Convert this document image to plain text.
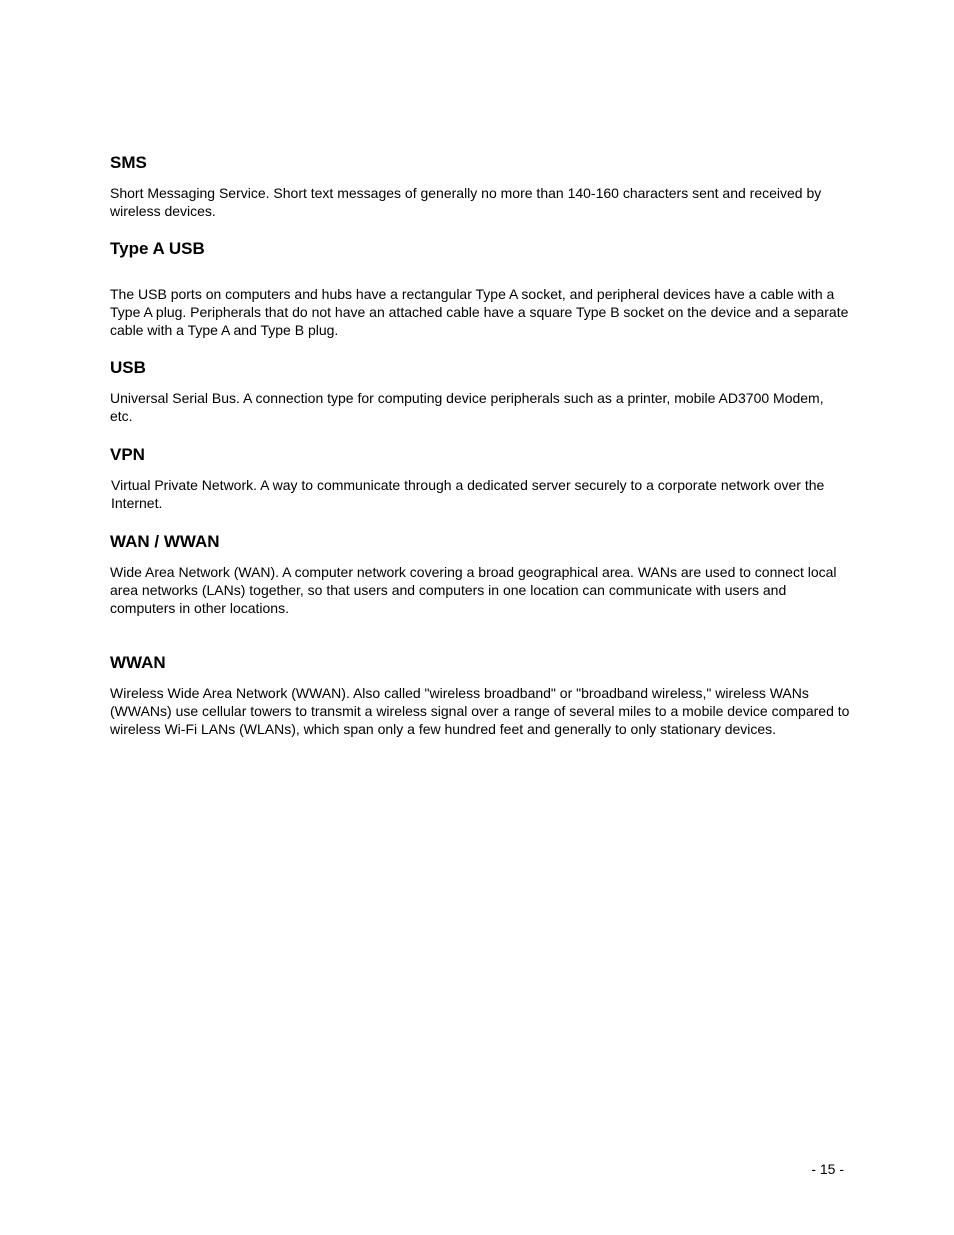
SMS

Short Messaging Service. Short text messages of generally no more than 140-160 characters sent and received by wireless devices.

Type A USB

The USB ports on computers and hubs have a rectangular Type A socket, and peripheral devices have a cable with a Type A plug. Peripherals that do not have an attached cable have a square Type B socket on the device and a separate cable with a Type A and Type B plug.

USB

Universal Serial Bus. A connection type for computing device peripherals such as a printer, mobile AD3700 Modem, etc.

VPN

Virtual Private Network. A way to communicate through a dedicated server securely to a corporate network over the Internet.

WAN / WWAN

Wide Area Network (WAN). A computer network covering a broad geographical area. WANs are used to connect local area networks (LANs) together, so that users and computers in one location can communicate with users and computers in other locations.

WWAN

Wireless Wide Area Network (WWAN). Also called "wireless broadband" or "broadband wireless," wireless WANs (WWANs) use cellular towers to transmit a wireless signal over a range of several miles to a mobile device compared to wireless Wi-Fi LANs (WLANs), which span only a few hundred feet and generally to only stationary devices.

- 15 -
